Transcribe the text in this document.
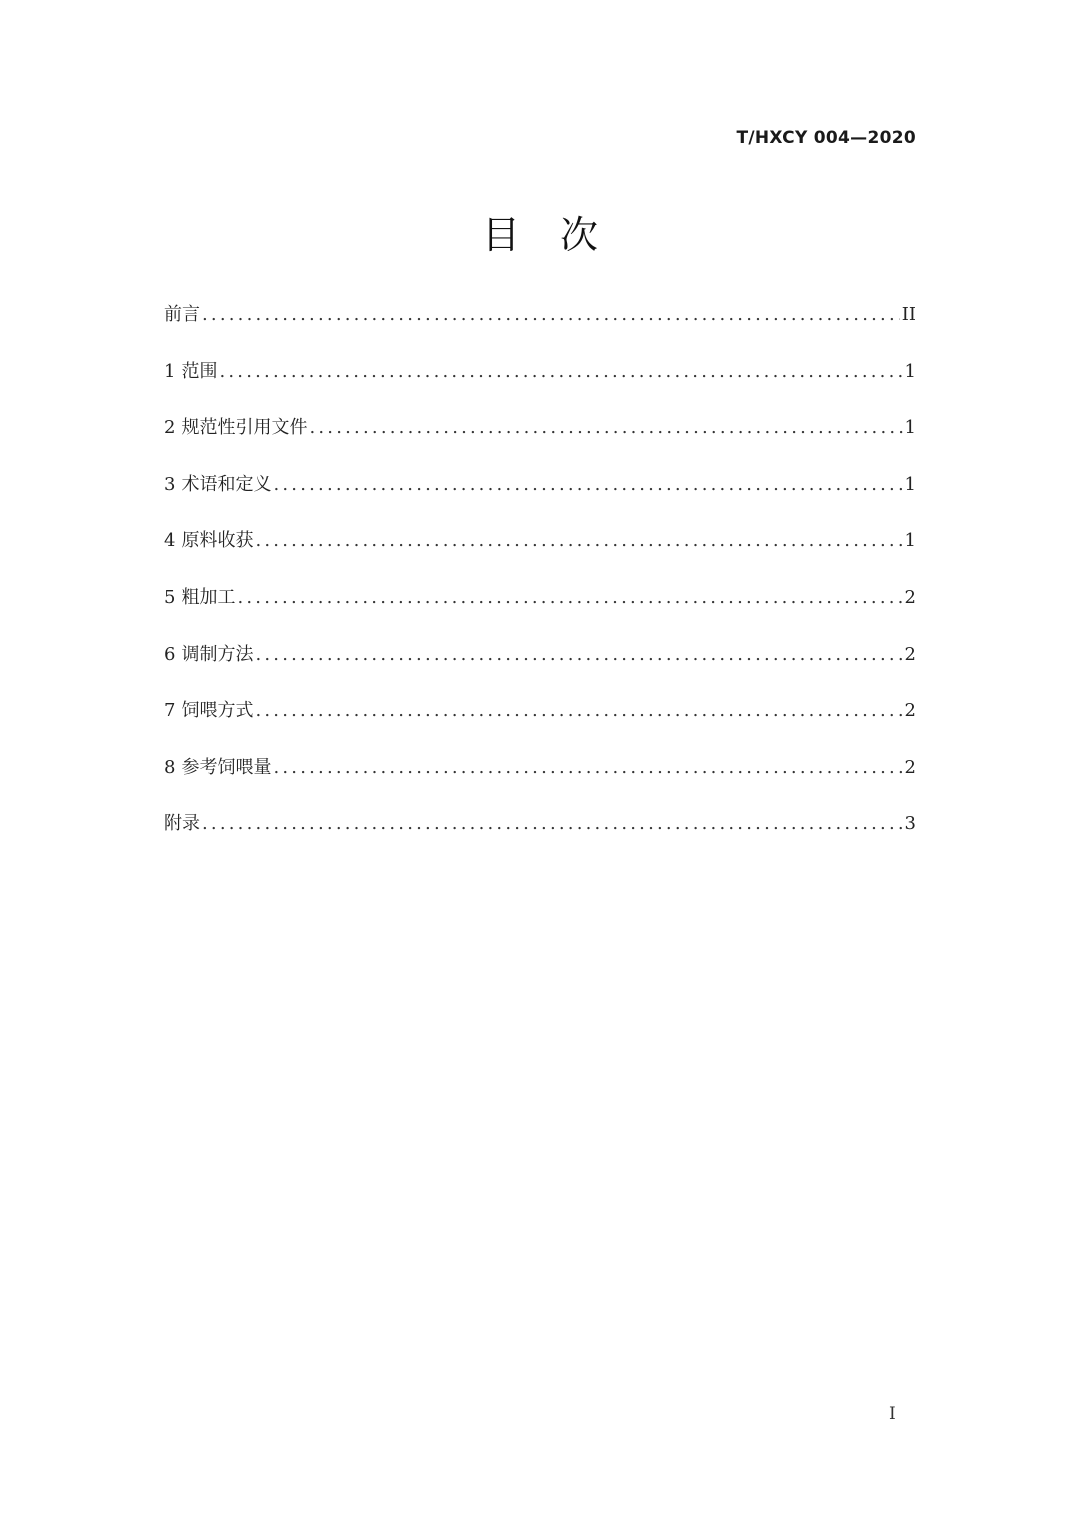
T/HXCY 004—2020
目次
前言 .....	II
1 范围 .....	1
2 规范性引用文件 .....	1
3 术语和定义 .....	1
4 原料收获 .....	1
5 粗加工 .....	2
6 调制方法 .....	2
7 饲喂方式 .....	2
8 参考饲喂量 .....	2
附录 .....	3
I
